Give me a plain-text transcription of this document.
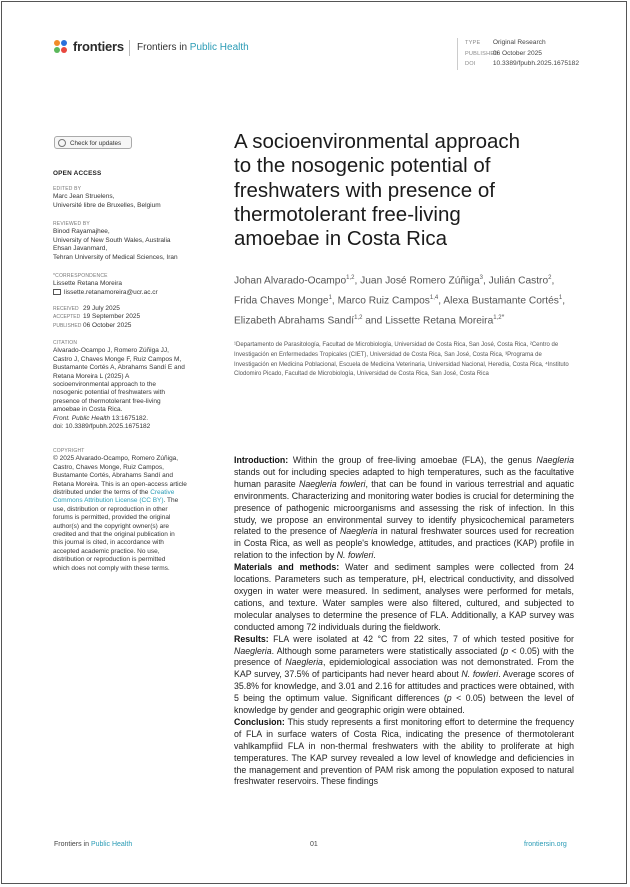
frontiers Frontiers in Public Health	TYPE Original Research
PUBLISHED 06 October 2025
DOI	10.3389/fpubh.2025.1675182
Check for updates
OPEN ACCESS
EDITED BY
Marc Jean Struelens,
Université libre de Bruxelles, Belgium
REVIEWED BY
Binod Rayamajhee,
University of New South Wales, Australia
Ehsan Javanmard,
Tehran University of Medical Sciences, Iran
*CORRESPONDENCE
Lissette Retana Moreira
lissette.retanamoreira@ucr.ac.cr
RECEIVED 29 July 2025
ACCEPTED 19 September 2025
PUBLISHED 06 October 2025
CITATION
Alvarado-Ocampo J, Romero Zúñiga JJ,
Castro J, Chaves Monge F, Ruiz Campos M,
Bustamante Cortés A, Abrahams Sandí E and
Retana Moreira L (2025) A
socioenvironmental approach to the
nosogenic potential of freshwaters with
presence of thermotolerant free-living
amoebae in Costa Rica.
Front. Public Health 13:1675182.
doi: 10.3389/fpubh.2025.1675182
COPYRIGHT
© 2025 Alvarado-Ocampo, Romero Zúñiga,
Castro, Chaves Monge, Ruiz Campos,
Bustamante Cortés, Abrahams Sandí and
Retana Moreira. This is an open-access article
distributed under the terms of the Creative
Commons Attribution License (CC BY). The
use, distribution or reproduction in other
forums is permitted, provided the original
author(s) and the copyright owner(s) are
credited and that the original publication in
this journal is cited, in accordance with
accepted academic practice. No use,
distribution or reproduction is permitted
which does not comply with these terms.
A socioenvironmental approach
to the nosogenic potential of
freshwaters with presence of
thermotolerant free-living
amoebae in Costa Rica
Johan Alvarado-Ocampo$^{1,2}$, Juan José Romero Zúñiga$^3$, Julián Castro$^2$, Frida Chaves Monge$^1$, Marco Ruiz Campos$^{1,4}$, Alexa Bustamante Cortés$^1$, Elizabeth Abrahams Sandí$^{1,2}$ and Lissette Retana Moreira$^{1,2*}$
¹Departamento de Parasitología, Facultad de Microbiología, Universidad de Costa Rica, San José, Costa Rica, ²Centro de Investigación en Enfermedades Tropicales (CIET), Universidad de Costa Rica, San José, Costa Rica, ³Programa de Investigación en Medicina Poblacional, Escuela de Medicina Veterinaria, Universidad Nacional, Heredia, Costa Rica, ⁴Instituto Clodomiro Picado, Facultad de Microbiología, Universidad de Costa Rica, San José, Costa Rica

Introduction: Within the group of free-living amoebae (FLA), the genus Naegleria stands out for including species adapted to high temperatures, such as the facultative human parasite Naegleria fowleri, that can be found in various terrestrial and aquatic environments. Characterizing and monitoring water bodies is crucial for determining the presence of pathogenic microorganisms and assessing the risk of infection. In this study, we propose an environmental survey to identify physicochemical parameters related to the presence of Naegleria in natural freshwater sources used for recreation in Costa Rica, as well as people's knowledge, attitudes, and practices (KAP) profile in relation to the infection by N. fowleri.

Materials and methods: Water and sediment samples were collected from 24 locations. Parameters such as temperature, pH, electrical conductivity, and dissolved oxygen in water were measured. In sediment, analyses were performed for metals, cations, and texture. Water samples were also filtered, cultured, and subjected to molecular analyses to determine the presence of FLA. Additionally, a KAP survey was conducted among 72 individuals during the fieldwork.

Results: FLA were isolated at 42 °C from 22 sites, 7 of which tested positive for Naegleria. Although some parameters were statistically associated (p < 0.05) with the presence of Naegleria, epidemiological association was not demonstrated. From the KAP survey, 37.5% of participants had never heard about N. fowleri. Average scores of 35.8% for knowledge, and 3.01 and 2.16 for attitudes and practices were obtained, with 5 being the optimum value. Significant differences (p < 0.05) between the level of knowledge by gender and geographic origin were obtained.

Conclusion: This study represents a first monitoring effort to determine the frequency of FLA in surface waters of Costa Rica, indicating the presence of thermotolerant vahlkampfiid FLA in non-thermal freshwaters with the ability to proliferate at high temperatures. The KAP survey revealed a low level of knowledge and deficiencies in the management and prevention of PAM risk among the population exposed to natural freshwater reservoirs. These findings

Frontiers in Public Health	01	frontiersin.org
